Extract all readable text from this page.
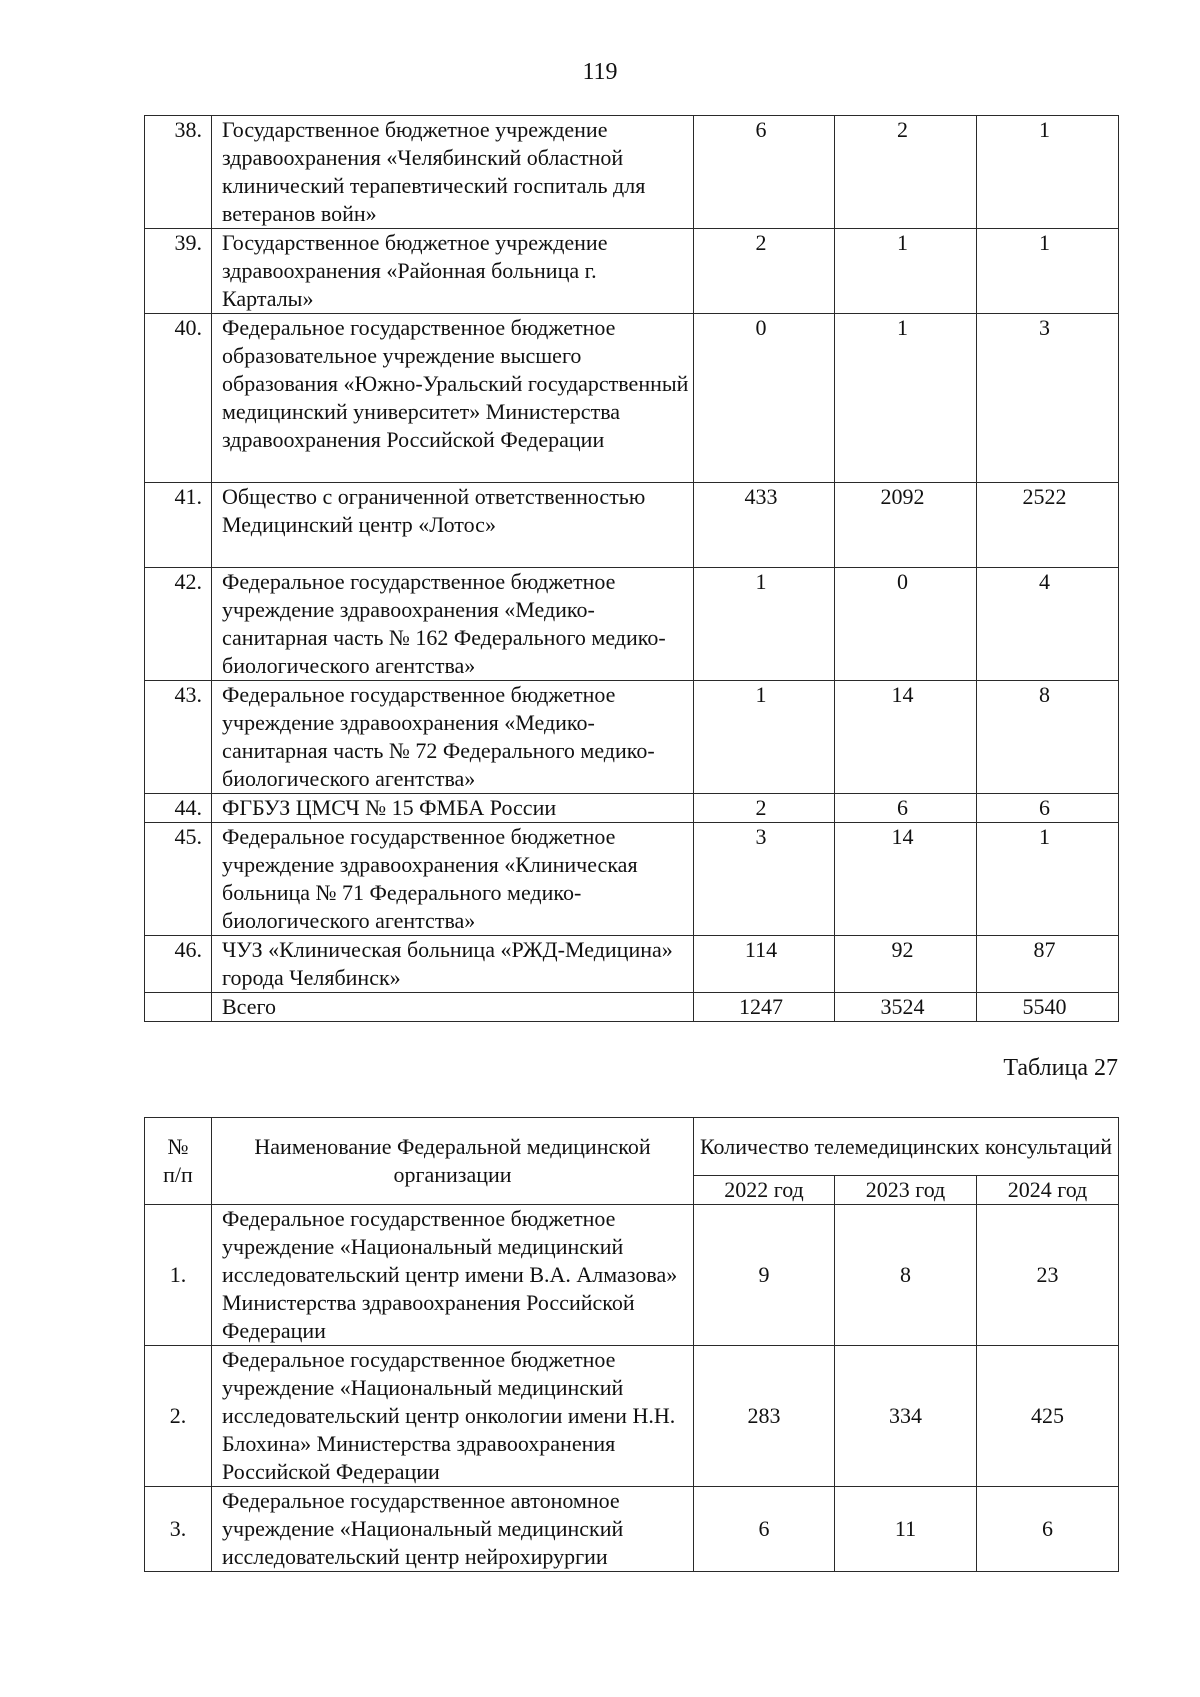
119
38.	Государственное бюджетное учреждение здравоохранения «Челябинский областной клинический терапевтический госпиталь для ветеранов войн»	6	2	1
39.	Государственное бюджетное учреждение здравоохранения «Районная больница г. Карталы»	2	1	1
40.	Федеральное государственное бюджетное образовательное учреждение высшего образования «Южно-Уральский государственный медицинский университет» Министерства здравоохранения Российской Федерации	0	1	3
41.	Общество с ограниченной ответственностью Медицинский центр «Лотос»	433	2092	2522
42.	Федеральное государственное бюджетное учреждение здравоохранения «Медико-санитарная часть № 162 Федерального медико-биологического агентства»	1	0	4
43.	Федеральное государственное бюджетное учреждение здравоохранения «Медико-санитарная часть № 72 Федерального медико-биологического агентства»	1	14	8
44.	ФГБУЗ ЦМСЧ № 15 ФМБА России	2	6	6
45.	Федеральное государственное бюджетное учреждение здравоохранения «Клиническая больница № 71 Федерального медико-биологического агентства»	3	14	1
46.	ЧУЗ «Клиническая больница «РЖД-Медицина» города Челябинск»	114	92	87
	Всего	1247	3524	5540
Таблица 27
№
п/п	Наименование Федеральной медицинской организации	Количество телемедицинских консультаций		
		2022 год	2023 год	2024 год
1.	Федеральное государственное бюджетное учреждение «Национальный медицинский исследовательский центр имени В.А. Алмазова» Министерства здравоохранения Российской Федерации	9	8	23
2.	Федеральное государственное бюджетное учреждение «Национальный медицинский исследовательский центр онкологии имени Н.Н. Блохина» Министерства здравоохранения Российской Федерации	283	334	425
3.	Федеральное государственное автономное учреждение «Национальный медицинский исследовательский центр нейрохирургии	6	11	6
